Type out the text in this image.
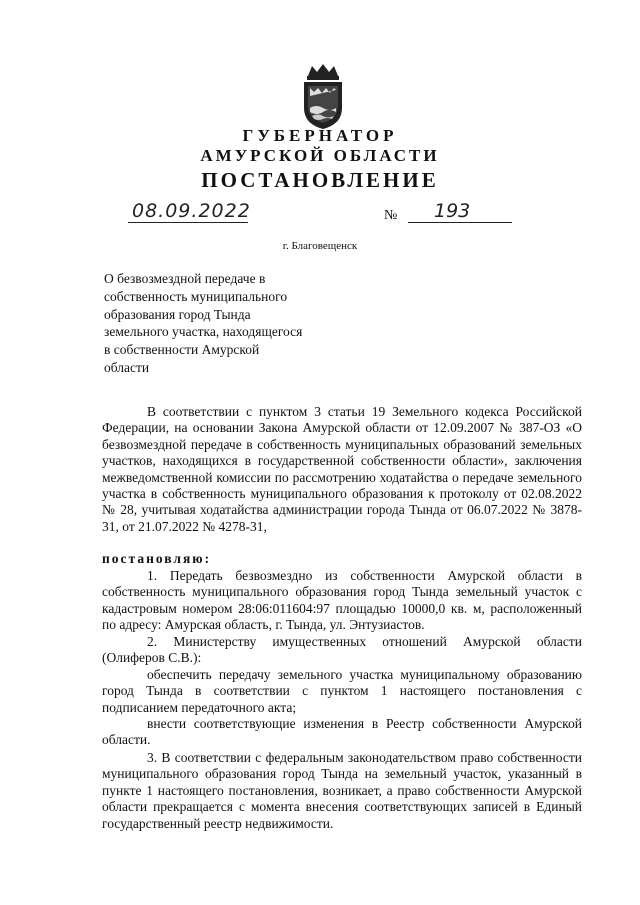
ГУБЕРНАТОР
АМУРСКОЙ ОБЛАСТИ
ПОСТАНОВЛЕНИЕ
08.09.2022	№ 193
г. Благовещенск
О безвозмездной передаче в
собственность муниципального
образования город Тында
земельного участка, находящегося
в собственности Амурской
области
В соответствии с пунктом 3 статьи 19 Земельного кодекса Российской Федерации, на основании Закона Амурской области от 12.09.2007 № 387-ОЗ «О безвозмездной передаче в собственность муниципальных образований земельных участков, находящихся в государственной собственности области», заключения межведомственной комиссии по рассмотрению ходатайства о передаче земельного участка в собственность муниципального образования к протоколу от 02.08.2022 № 28, учитывая ходатайства администрации города Тында от 06.07.2022 № 3878-31, от 21.07.2022 № 4278-31,
постановляю:
1. Передать безвозмездно из собственности Амурской области в собственность муниципального образования город Тында земельный участок с кадастровым номером 28:06:011604:97 площадью 10000,0 кв. м, расположенный по адресу: Амурская область, г. Тында, ул. Энтузиастов.
2. Министерству имущественных отношений Амурской области (Олиферов С.В.):
обеспечить передачу земельного участка муниципальному образованию город Тында в соответствии с пунктом 1 настоящего постановления с подписанием передаточного акта;
внести соответствующие изменения в Реестр собственности Амурской области.
3. В соответствии с федеральным законодательством право собственности муниципального образования город Тында на земельный участок, указанный в пункте 1 настоящего постановления, возникает, а право собственности Амурской области прекращается с момента внесения соответствующих записей в Единый государственный реестр недвижимости.
